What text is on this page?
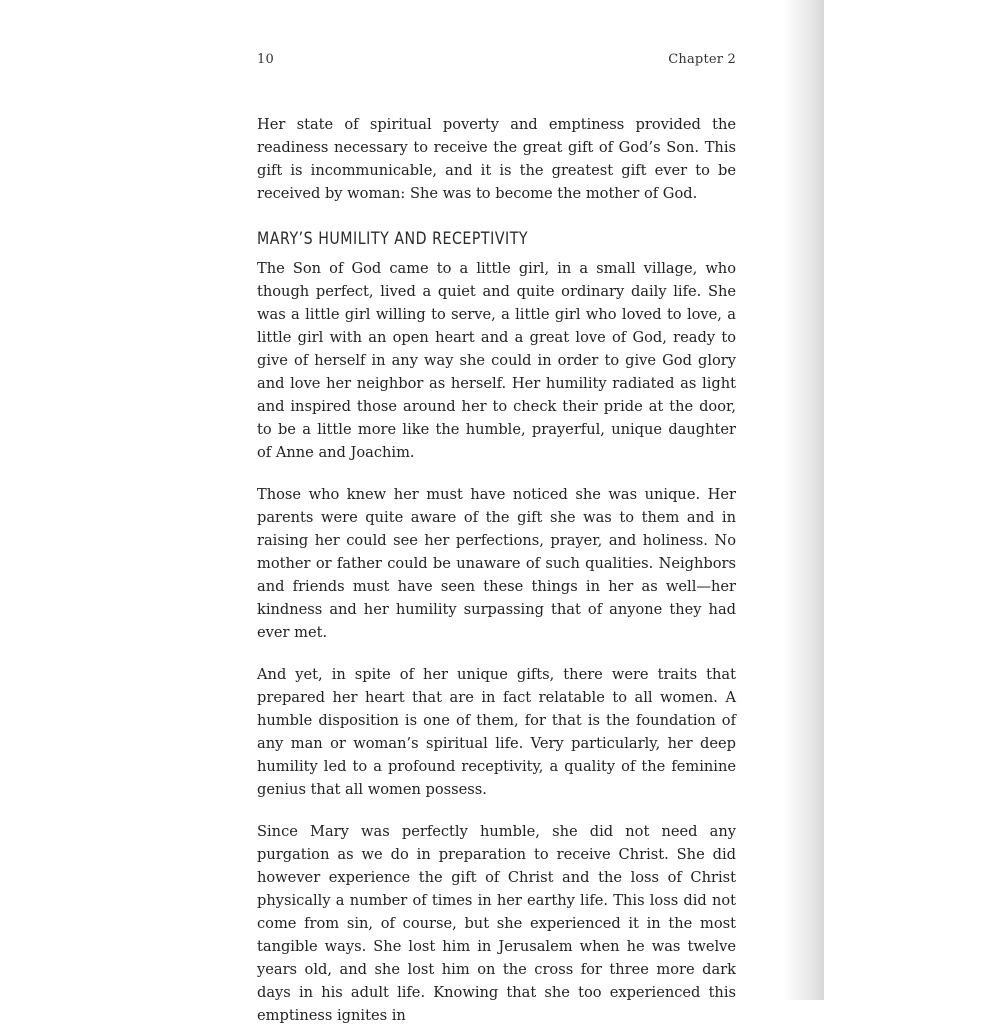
10	Chapter 2

Her state of spiritual poverty and emptiness provided the readiness necessary to receive the great gift of God’s Son. This gift is incommunicable, and it is the greatest gift ever to be received by woman: She was to become the mother of God.

MARY’S HUMILITY AND RECEPTIVITY

The Son of God came to a little girl, in a small village, who though perfect, lived a quiet and quite ordinary daily life. She was a little girl willing to serve, a little girl who loved to love, a little girl with an open heart and a great love of God, ready to give of herself in any way she could in order to give God glory and love her neighbor as herself. Her humility radiated as light and inspired those around her to check their pride at the door, to be a little more like the humble, prayerful, unique daughter of Anne and Joachim.

Those who knew her must have noticed she was unique. Her parents were quite aware of the gift she was to them and in raising her could see her perfections, prayer, and holiness. No mother or father could be unaware of such qualities. Neighbors and friends must have seen these things in her as well—her kindness and her humility surpassing that of anyone they had ever met.

And yet, in spite of her unique gifts, there were traits that prepared her heart that are in fact relatable to all women. A humble disposition is one of them, for that is the foundation of any man or woman’s spiritual life. Very particularly, her deep humility led to a profound receptivity, a quality of the feminine genius that all women possess.

Since Mary was perfectly humble, she did not need any purgation as we do in preparation to receive Christ. She did however experience the gift of Christ and the loss of Christ physically a number of times in her earthy life. This loss did not come from sin, of course, but she experienced it in the most tangible ways. She lost him in Jerusalem when he was twelve years old, and she lost him on the cross for three more dark days in his adult life. Knowing that she too experienced this emptiness ignites in
